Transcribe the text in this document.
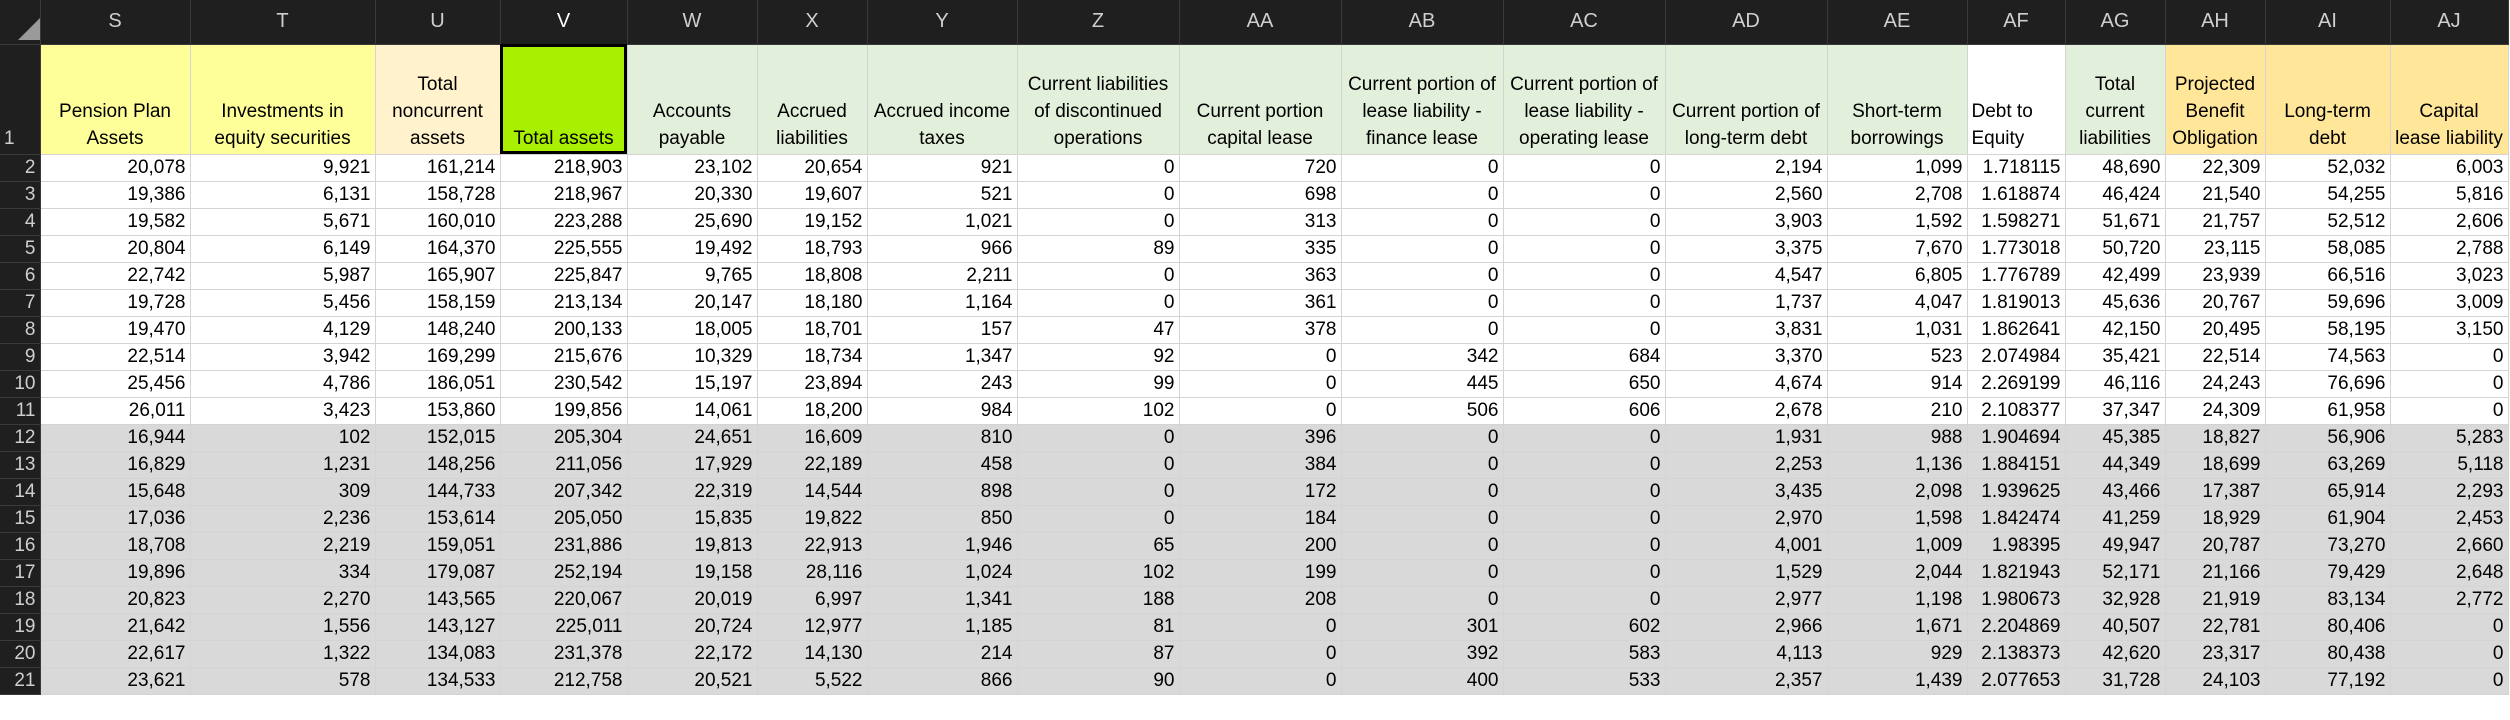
	S	T	U	V	W	X	Y	Z	AA	AB	AC	AD	AE	AF	AG	AH	AI	AJ
1	Pension Plan Assets	Investments in equity securities	Total noncurrent assets	Total assets	Accounts payable	Accrued liabilities	Accrued income taxes	Current liabilities of discontinued operations	Current portion capital lease	Current portion of lease liability - finance lease	Current portion of lease liability - operating lease	Current portion of long-term debt	Short-term borrowings	Debt to Equity	Total current liabilities	Projected Benefit Obligation	Long-term debt	Capital lease liability
2	20,078	9,921	161,214	218,903	23,102	20,654	921	0	720	0	0	2,194	1,099	1.718115	48,690	22,309	52,032	6,003
3	19,386	6,131	158,728	218,967	20,330	19,607	521	0	698	0	0	2,560	2,708	1.618874	46,424	21,540	54,255	5,816
4	19,582	5,671	160,010	223,288	25,690	19,152	1,021	0	313	0	0	3,903	1,592	1.598271	51,671	21,757	52,512	2,606
5	20,804	6,149	164,370	225,555	19,492	18,793	966	89	335	0	0	3,375	7,670	1.773018	50,720	23,115	58,085	2,788
6	22,742	5,987	165,907	225,847	9,765	18,808	2,211	0	363	0	0	4,547	6,805	1.776789	42,499	23,939	66,516	3,023
7	19,728	5,456	158,159	213,134	20,147	18,180	1,164	0	361	0	0	1,737	4,047	1.819013	45,636	20,767	59,696	3,009
8	19,470	4,129	148,240	200,133	18,005	18,701	157	47	378	0	0	3,831	1,031	1.862641	42,150	20,495	58,195	3,150
9	22,514	3,942	169,299	215,676	10,329	18,734	1,347	92	0	342	684	3,370	523	2.074984	35,421	22,514	74,563	0
10	25,456	4,786	186,051	230,542	15,197	23,894	243	99	0	445	650	4,674	914	2.269199	46,116	24,243	76,696	0
11	26,011	3,423	153,860	199,856	14,061	18,200	984	102	0	506	606	2,678	210	2.108377	37,347	24,309	61,958	0
12	16,944	102	152,015	205,304	24,651	16,609	810	0	396	0	0	1,931	988	1.904694	45,385	18,827	56,906	5,283
13	16,829	1,231	148,256	211,056	17,929	22,189	458	0	384	0	0	2,253	1,136	1.884151	44,349	18,699	63,269	5,118
14	15,648	309	144,733	207,342	22,319	14,544	898	0	172	0	0	3,435	2,098	1.939625	43,466	17,387	65,914	2,293
15	17,036	2,236	153,614	205,050	15,835	19,822	850	0	184	0	0	2,970	1,598	1.842474	41,259	18,929	61,904	2,453
16	18,708	2,219	159,051	231,886	19,813	22,913	1,946	65	200	0	0	4,001	1,009	1.98395	49,947	20,787	73,270	2,660
17	19,896	334	179,087	252,194	19,158	28,116	1,024	102	199	0	0	1,529	2,044	1.821943	52,171	21,166	79,429	2,648
18	20,823	2,270	143,565	220,067	20,019	6,997	1,341	188	208	0	0	2,977	1,198	1.980673	32,928	21,919	83,134	2,772
19	21,642	1,556	143,127	225,011	20,724	12,977	1,185	81	0	301	602	2,966	1,671	2.204869	40,507	22,781	80,406	0
20	22,617	1,322	134,083	231,378	22,172	14,130	214	87	0	392	583	4,113	929	2.138373	42,620	23,317	80,438	0
21	23,621	578	134,533	212,758	20,521	5,522	866	90	0	400	533	2,357	1,439	2.077653	31,728	24,103	77,192	0
